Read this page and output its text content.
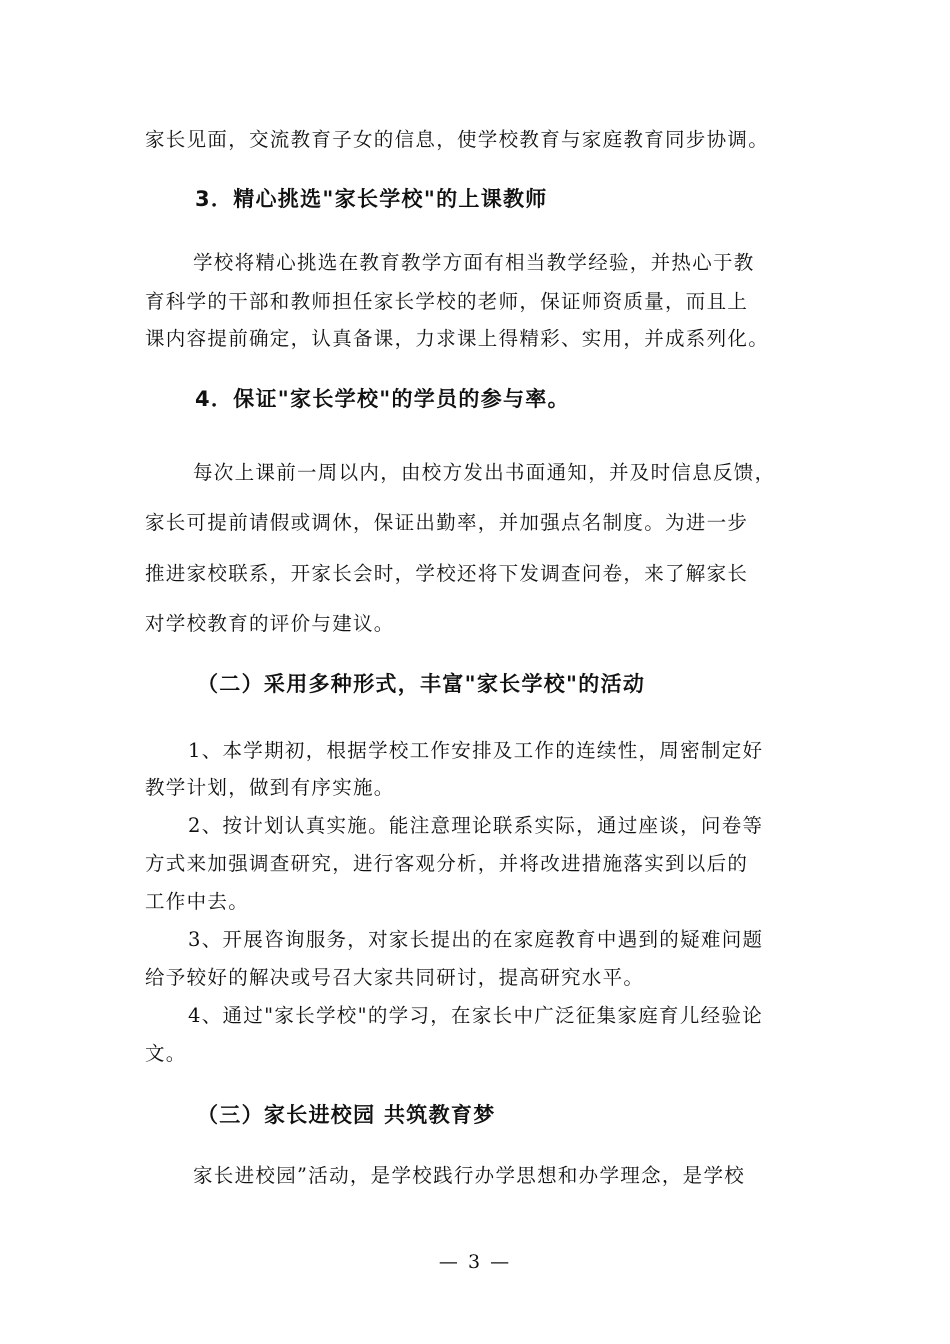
家长见面，交流教育子女的信息，使学校教育与家庭教育同步协调。
3．精心挑选"家长学校"的上课教师
学校将精心挑选在教育教学方面有相当教学经验，并热心于教
育科学的干部和教师担任家长学校的老师，保证师资质量，而且上
课内容提前确定，认真备课，力求课上得精彩、实用，并成系列化。
4．保证"家长学校"的学员的参与率。
每次上课前一周以内，由校方发出书面通知，并及时信息反馈，
家长可提前请假或调休，保证出勤率，并加强点名制度。为进一步
推进家校联系，开家长会时，学校还将下发调查问卷，来了解家长
对学校教育的评价与建议。
（二）采用多种形式，丰富"家长学校"的活动
1、本学期初，根据学校工作安排及工作的连续性，周密制定好
教学计划，做到有序实施。
2、按计划认真实施。能注意理论联系实际，通过座谈，问卷等
方式来加强调查研究，进行客观分析，并将改进措施落实到以后的
工作中去。
3、开展咨询服务，对家长提出的在家庭教育中遇到的疑难问题
给予较好的解决或号召大家共同研讨，提高研究水平。
4、通过"家长学校"的学习，在家长中广泛征集家庭育儿经验论
文。
（三）家长进校园 共筑教育梦
家长进校园”活动，是学校践行办学思想和办学理念，是学校
— 3 —
